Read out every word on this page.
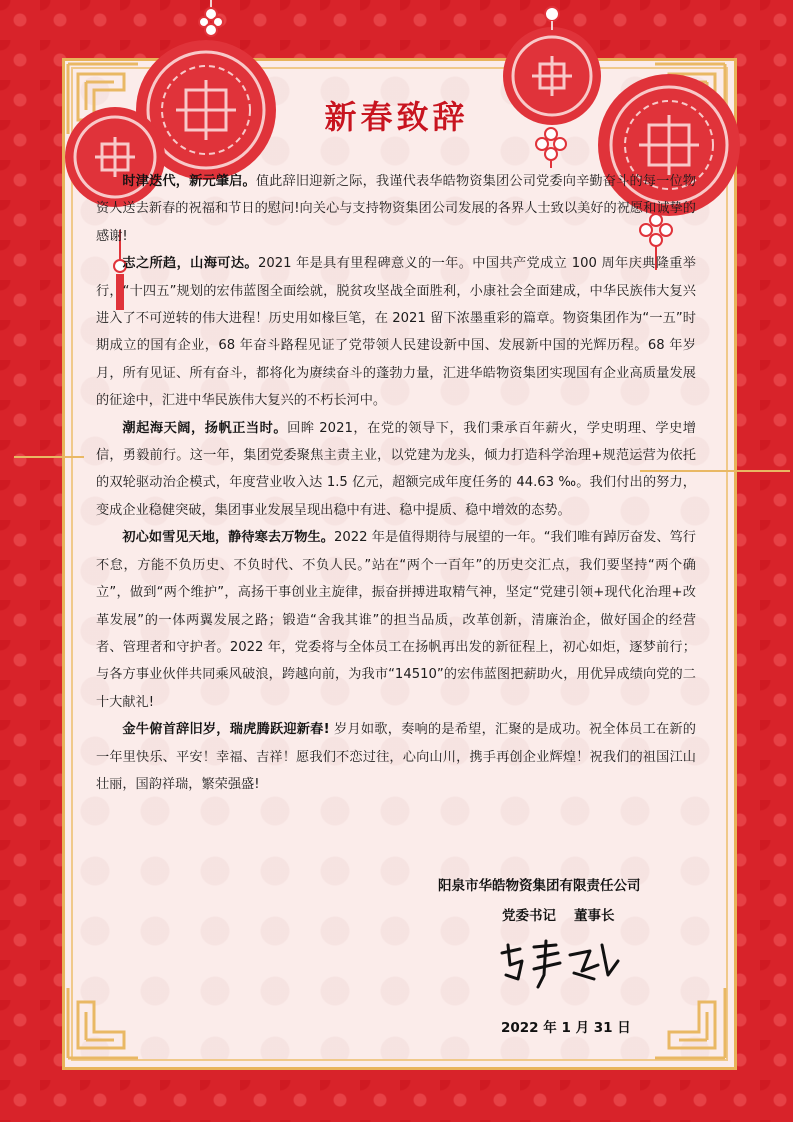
新春致辞

时津迭代，新元肇启。值此辞旧迎新之际，我谨代表华皓物资集团公司党委向辛勤奋斗的每一位物资人送去新春的祝福和节日的慰问!向关心与支持物资集团公司发展的各界人士致以美好的祝愿和诚挚的感谢!

志之所趋，山海可达。2021 年是具有里程碑意义的一年。中国共产党成立 100 周年庆典隆重举行，“十四五”规划的宏伟蓝图全面绘就，脱贫攻坚战全面胜利，小康社会全面建成，中华民族伟大复兴进入了不可逆转的伟大进程！历史用如椽巨笔，在 2021 留下浓墨重彩的篇章。物资集团作为“一五”时期成立的国有企业，68 年奋斗路程见证了党带领人民建设新中国、发展新中国的光辉历程。68 年岁月，所有见证、所有奋斗，都将化为赓续奋斗的蓬勃力量，汇进华皓物资集团实现国有企业高质量发展的征途中，汇进中华民族伟大复兴的不朽长河中。

潮起海天阔，扬帆正当时。回眸 2021，在党的领导下，我们秉承百年薪火，学史明理、学史增信，勇毅前行。这一年，集团党委聚焦主责主业，以党建为龙头，倾力打造科学治理+规范运营为依托的双轮驱动治企模式，年度营业收入达 1.5 亿元，超额完成年度任务的 44.63 ‰。我们付出的努力，变成企业稳健突破，集团事业发展呈现出稳中有进、稳中提质、稳中增效的态势。

初心如雪见天地，静待寒去万物生。2022 年是值得期待与展望的一年。“我们唯有踔厉奋发、笃行不怠，方能不负历史、不负时代、不负人民。”站在“两个一百年”的历史交汇点，我们要坚持“两个确立”，做到“两个维护”，高扬干事创业主旋律，振奋拼搏进取精气神，坚定“党建引领+现代化治理+改革发展”的一体两翼发展之路；锻造“舍我其谁”的担当品质，改革创新，清廉治企，做好国企的经营者、管理者和守护者。2022 年，党委将与全体员工在扬帆再出发的新征程上，初心如炬，逐梦前行；与各方事业伙伴共同乘风破浪，跨越向前，为我市“14510”的宏伟蓝图把薪助火，用优异成绩向党的二十大献礼!

金牛俯首辞旧岁，瑞虎腾跃迎新春! 岁月如歌，奏响的是希望，汇聚的是成功。祝全体员工在新的一年里快乐、平安！幸福、吉祥！愿我们不恋过往，心向山川，携手再创企业辉煌！祝我们的祖国江山壮丽，国韵祥瑞，繁荣强盛!

阳泉市华皓物资集团有限责任公司
党委书记 董事长
2022 年 1 月 31 日
